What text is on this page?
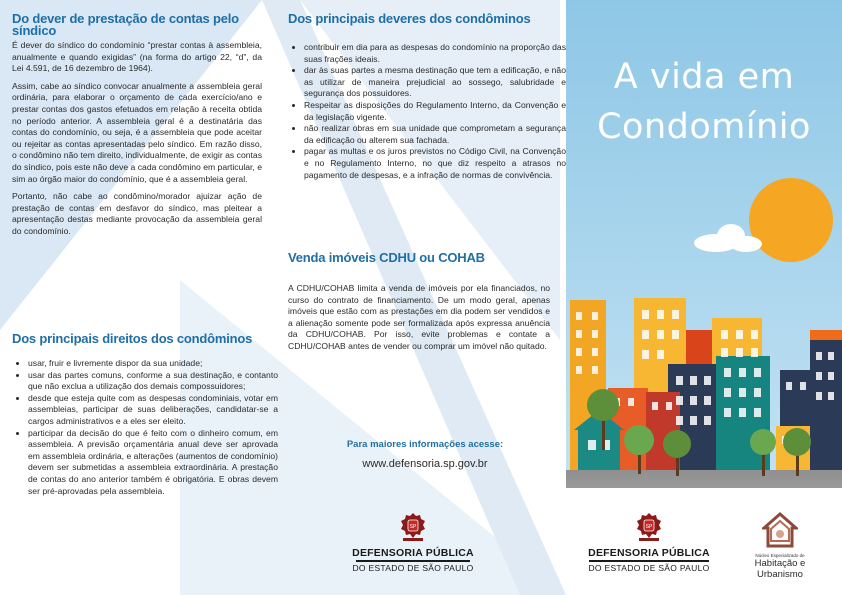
Do dever de prestação de contas pelo síndico

É dever do síndico do condomínio “prestar contas à assembleia, anualmente e quando exigidas” (na forma do artigo 22, “d”, da Lei 4.591, de 16 dezembro de 1964).

Assim, cabe ao síndico convocar anualmente a assembleia geral ordinária, para elaborar o orçamento de cada exercício/ano e prestar contas dos gastos efetuados em relação à receita obtida no período anterior. A assembleia geral é a destinatária das contas do condomínio, ou seja, é a assembleia que pode aceitar ou rejeitar as contas apresentadas pelo síndico. Em razão disso, o condômino não tem direito, individualmente, de exigir as contas do síndico, pois este não deve a cada condômino em particular, e sim ao órgão maior do condomínio, que é a assembleia geral.

Portanto, não cabe ao condômino/morador ajuizar ação de prestação de contas em desfavor do síndico, mas pleitear a apresentação destas mediante provocação da assembleia geral do condomínio.

Dos principais direitos dos condôminos
• usar, fruir e livremente dispor da sua unidade;
• usar das partes comuns, conforme a sua destinação, e contanto que não exclua a utilização dos demais compossuidores;
• desde que esteja quite com as despesas condominiais, votar em assembleias, participar de suas deliberações, candidatar-se a cargos administrativos e a eles ser eleito.
• participar da decisão do que é feito com o dinheiro comum, em assembleia. A previsão orçamentária anual deve ser aprovada em assembleia ordinária, e alterações (aumentos de condomínio) devem ser submetidas a assembleia extraordinária. A prestação de contas do ano anterior também é obrigatória. E obras devem ser pré-aprovadas pela assembleia.
Dos principais deveres dos condôminos
• contribuir em dia para as despesas do condomínio na proporção das suas frações ideais.
• dar às suas partes a mesma destinação que tem a edificação, e não as utilizar de maneira prejudicial ao sossego, salubridade e segurança dos possuidores.
• Respeitar as disposições do Regulamento Interno, da Convenção e da legislação vigente.
• não realizar obras em sua unidade que comprometam a segurança da edificação ou alterem sua fachada.
• pagar as multas e os juros previstos no Código Civil, na Convenção e no Regulamento Interno, no que diz respeito a atrasos no pagamento de despesas, e a infração de normas de convivência.
Venda imóveis CDHU ou COHAB

A CDHU/COHAB limita a venda de imóveis por ela financiados, no curso do contrato de financiamento. De um modo geral, apenas imóveis que estão com as prestações em dia podem ser vendidos e a alienação somente pode ser formalizada após expressa anuência da CDHU/COHAB. Por isso, evite problemas e contate a CDHU/COHAB antes de vender ou comprar um imóvel não quitado.

Para maiores informações acesse:
www.defensoria.sp.gov.br
SP
DEFENSORIA PÚBLICA
DO ESTADO DE SÃO PAULO
A vida em
Condomínio
SP
DEFENSORIA PÚBLICA
DO ESTADO DE SÃO PAULO
Núcleo Especializado de
Habitação e Urbanismo
